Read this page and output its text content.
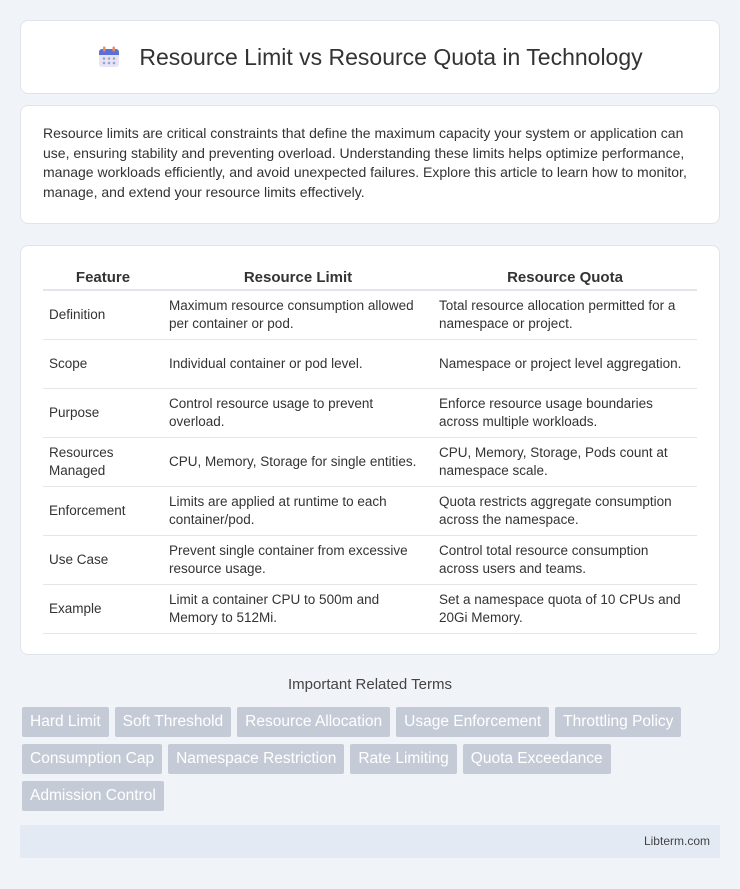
Resource Limit vs Resource Quota in Technology

Resource limits are critical constraints that define the maximum capacity your system or application can use, ensuring stability and preventing overload. Understanding these limits helps optimize performance, manage workloads efficiently, and avoid unexpected failures. Explore this article to learn how to monitor, manage, and extend your resource limits effectively.

Feature	Resource Limit	Resource Quota
Definition	Maximum resource consumption allowed per container or pod.	Total resource allocation permitted for a namespace or project.
Scope	Individual container or pod level.	Namespace or project level aggregation.
Purpose	Control resource usage to prevent overload.	Enforce resource usage boundaries across multiple workloads.
Resources Managed	CPU, Memory, Storage for single entities.	CPU, Memory, Storage, Pods count at namespace scale.
Enforcement	Limits are applied at runtime to each container/pod.	Quota restricts aggregate consumption across the namespace.
Use Case	Prevent single container from excessive resource usage.	Control total resource consumption across users and teams.
Example	Limit a container CPU to 500m and Memory to 512Mi.	Set a namespace quota of 10 CPUs and 20Gi Memory.
Important Related Terms
Hard Limit	Soft Threshold	Resource Allocation	Usage Enforcement	Throttling Policy
Consumption Cap	Namespace Restriction	Rate Limiting	Quota Exceedance
Admission Control
Libterm.com
